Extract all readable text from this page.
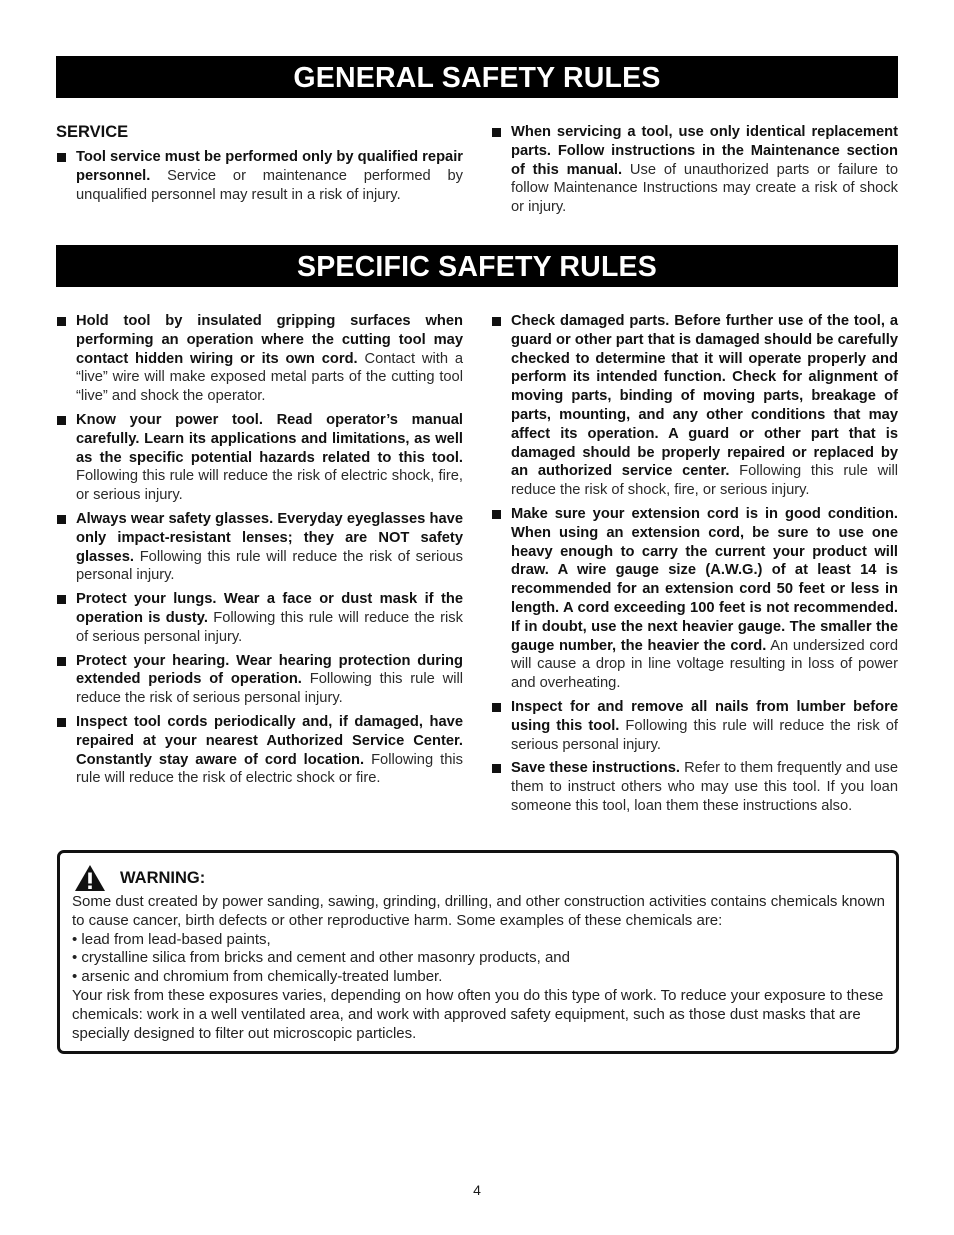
GENERAL SAFETY RULES
SERVICE
Tool service must be performed only by qualified repair personnel. Service or maintenance performed by unqualified personnel may result in a risk of injury.
When servicing a tool, use only identical replacement parts. Follow instructions in the Maintenance section of this manual. Use of unauthorized parts or failure to follow Maintenance Instructions may create a risk of shock or injury.
SPECIFIC SAFETY RULES
Hold tool by insulated gripping surfaces when performing an operation where the cutting tool may contact hidden wiring or its own cord. Contact with a “live” wire will make exposed metal parts of the cutting tool “live” and shock the operator.
Know your power tool. Read operator’s manual carefully. Learn its applications and limitations, as well as the specific potential hazards related to this tool. Following this rule will reduce the risk of electric shock, fire, or serious injury.
Always wear safety glasses. Everyday eyeglasses have only impact-resistant lenses; they are NOT safety glasses. Following this rule will reduce the risk of serious personal injury.
Protect your lungs. Wear a face or dust mask if the operation is dusty. Following this rule will reduce the risk of serious personal injury.
Protect your hearing. Wear hearing protection during extended periods of operation. Following this rule will reduce the risk of serious personal injury.
Inspect tool cords periodically and, if damaged, have repaired at your nearest Authorized Service Center. Constantly stay aware of cord location. Following this rule will reduce the risk of electric shock or fire.
Check damaged parts. Before further use of the tool, a guard or other part that is damaged should be carefully checked to determine that it will operate properly and perform its intended function. Check for alignment of moving parts, binding of moving parts, breakage of parts, mounting, and any other conditions that may affect its operation. A guard or other part that is damaged should be properly repaired or replaced by an authorized service center. Following this rule will reduce the risk of shock, fire, or serious injury.
Make sure your extension cord is in good condition. When using an extension cord, be sure to use one heavy enough to carry the current your product will draw. A wire gauge size (A.W.G.) of at least 14 is recommended for an extension cord 50 feet or less in length. A cord exceeding 100 feet is not recommended. If in doubt, use the next heavier gauge. The smaller the gauge number, the heavier the cord. An undersized cord will cause a drop in line voltage resulting in loss of power and overheating.
Inspect for and remove all nails from lumber before using this tool. Following this rule will reduce the risk of serious personal injury.
Save these instructions. Refer to them frequently and use them to instruct others who may use this tool. If you loan someone this tool, loan them these instructions also.
WARNING:

Some dust created by power sanding, sawing, grinding, drilling, and other construction activities contains chemicals known to cause cancer, birth defects or other reproductive harm. Some examples of these chemicals are:

• lead from lead-based paints,

• crystalline silica from bricks and cement and other masonry products, and

• arsenic and chromium from chemically-treated lumber.

Your risk from these exposures varies, depending on how often you do this type of work. To reduce your exposure to these chemicals: work in a well ventilated area, and work with approved safety equipment, such as those dust masks that are specially designed to filter out microscopic particles.

4
